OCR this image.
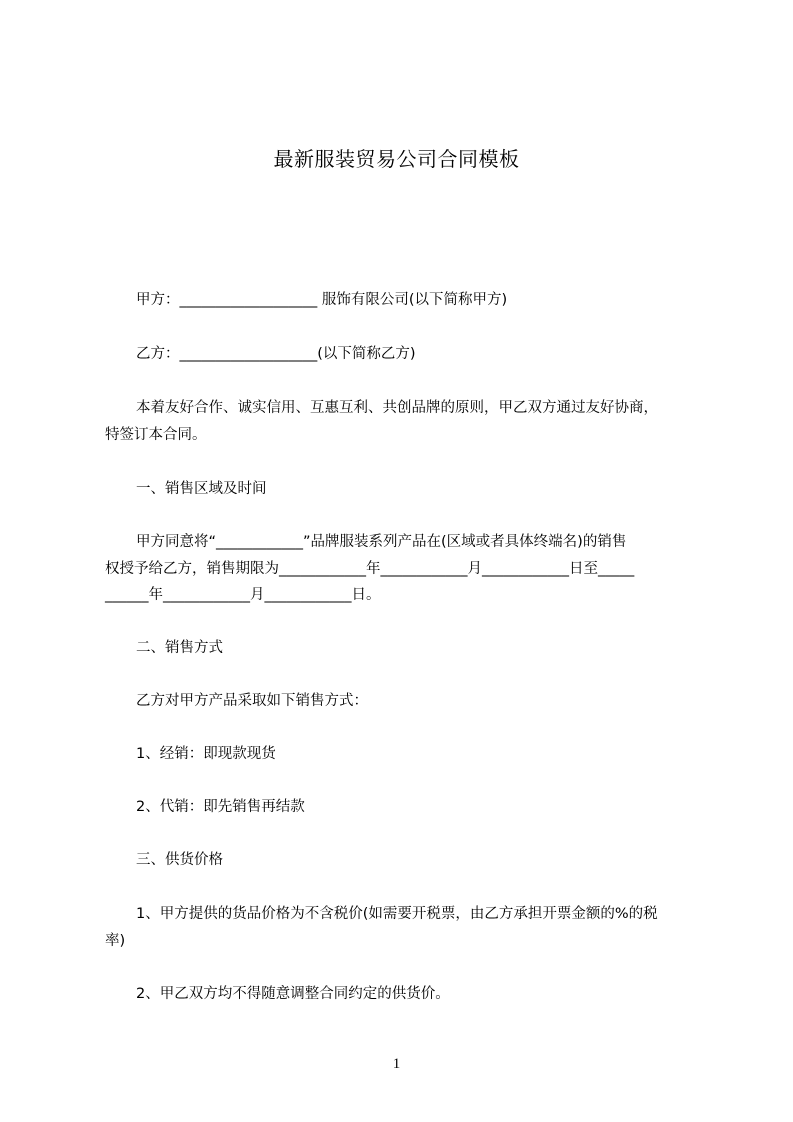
最新服装贸易公司合同模板
甲方：___________________ 服饰有限公司(以下简称甲方)
乙方：___________________(以下简称乙方)
本着友好合作、诚实信用、互惠互利、共创品牌的原则，甲乙双方通过友好协商，
特签订本合同。
一、销售区域及时间
甲方同意将“____________”品牌服装系列产品在(区域或者具体终端名)的销售
权授予给乙方，销售期限为____________年____________月____________日至_____
______年____________月____________日。
二、销售方式
乙方对甲方产品采取如下销售方式：
1、经销：即现款现货
2、代销：即先销售再结款
三、供货价格
1、甲方提供的货品价格为不含税价(如需要开税票，由乙方承担开票金额的%的税
率)
2、甲乙双方均不得随意调整合同约定的供货价。
1
